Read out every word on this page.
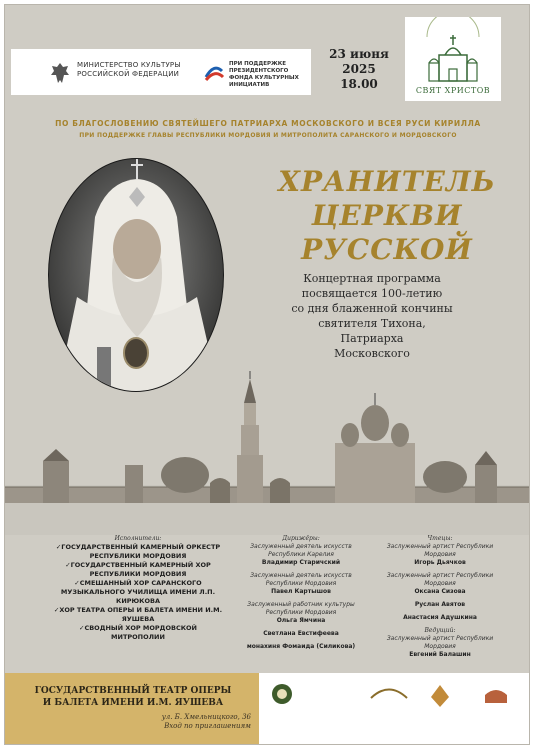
МИНИСТЕРСТВО КУЛЬТУРЫ РОССИЙСКОЙ ФЕДЕРАЦИИ
ПРИ ПОДДЕРЖКЕ ПРЕЗИДЕНТСКОГО ФОНДА КУЛЬТУРНЫХ ИНИЦИАТИВ
23 июня
2025
18.00	СВЯТ ХРИСТОВ
ПО БЛАГОСЛОВЕНИЮ СВЯТЕЙШЕГО ПАТРИАРХА МОСКОВСКОГО И ВСЕЯ РУСИ КИРИЛЛА
ПРИ ПОДДЕРЖКЕ ГЛАВЫ РЕСПУБЛИКИ МОРДОВИЯ И МИТРОПОЛИТА САРАНСКОГО И МОРДОВСКОГО
ХРАНИТЕЛЬ
ЦЕРКВИ РУССКОЙ
Концертная программа
посвящается 100-летию
со дня блаженной кончины
святителя Тихона,
Патриарха
Московского
Исполнители:
✓ГОСУДАРСТВЕННЫЙ КАМЕРНЫЙ ОРКЕСТР РЕСПУБЛИКИ МОРДОВИЯ
✓ГОСУДАРСТВЕННЫЙ КАМЕРНЫЙ ХОР РЕСПУБЛИКИ МОРДОВИЯ
✓СМЕШАННЫЙ ХОР САРАНСКОГО МУЗЫКАЛЬНОГО УЧИЛИЩА ИМЕНИ Л.П. КИРЮКОВА
✓ХОР ТЕАТРА ОПЕРЫ И БАЛЕТА ИМЕНИ И.М. ЯУШЕВА
✓СВОДНЫЙ ХОР МОРДОВСКОЙ МИТРОПОЛИИ
Дирижёры:
Заслуженный деятель искусств Республики Карелия
Владимир Старичский
Заслуженный деятель искусств Республики Мордовия
Павел Картышов
Заслуженный работник культуры Республики Мордовия
Ольга Ямчина
Светлана Евстифеева
монахиня Фомаида (Силикова)
Чтецы:
Заслуженный артист Республики Мордовия
Игорь Дьячков
Заслуженный артист Республики Мордовия
Оксана Сизова
Руслан Авятов
Анастасия Адушкина
Ведущий:
Заслуженный артист Республики Мордовия
Евгений Балашин
ГОСУДАРСТВЕННЫЙ ТЕАТР ОПЕРЫ
И БАЛЕТА ИМЕНИ И.М. ЯУШЕВА
ул. Б. Хмельницкого, 36
Вход по приглашениям
